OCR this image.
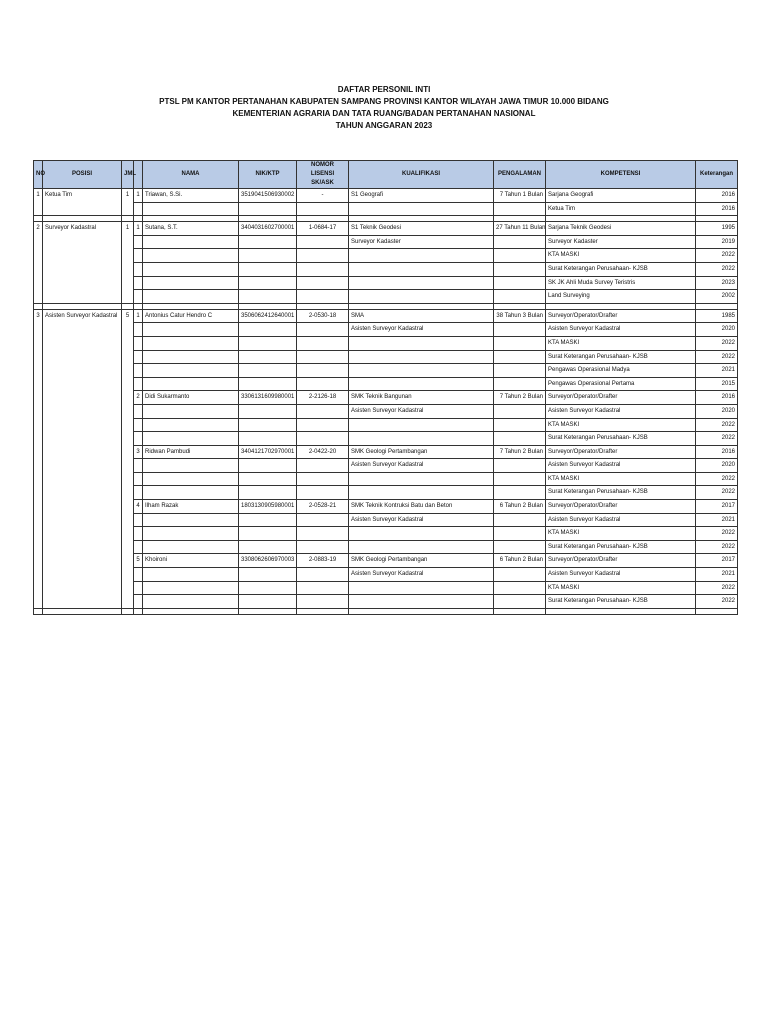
DAFTAR PERSONIL INTI
PTSL PM KANTOR PERTANAHAN KABUPATEN SAMPANG PROVINSI KANTOR WILAYAH JAWA TIMUR 10.000 BIDANG
KEMENTERIAN AGRARIA DAN TATA RUANG/BADAN PERTANAHAN NASIONAL
TAHUN ANGGARAN 2023
NO	POSISI	JML		NAMA	NIK/KTP	NOMOR LISENSI SK/ASK	KUALIFIKASI	PENGALAMAN	KOMPETENSI	Keterangan
1	Ketua Tim	1	1	Triawan, S.Si.	3519041506930002	-	S1 Geografi	7 Tahun 1 Bulan	Sarjana Geografi	2016
									Ketua Tim	2016

2	Surveyor Kadastral	1	1	Sutana, S.T.	3404031602700001	1-0684-17	S1 Teknik Geodesi	27 Tahun 11 Bulan	Sarjana Teknik Geodesi	1995
							Surveyor Kadaster		Surveyor Kadaster	2019
									KTA MASKI	2022
									Surat Keterangan Perusahaan- KJSB	2022
									SK JK Ahli Muda Survey Teristris	2023
									Land Surveying	2002

3	Asisten Surveyor Kadastral	5	1	Antonius Catur Hendro C	3506062412640001	2-0530-18	SMA	38 Tahun 3 Bulan	Surveyor/Operator/Drafter	1985
							Asisten Surveyor Kadastral		Asisten Surveyor Kadastral	2020
									KTA MASKI	2022
									Surat Keterangan Perusahaan- KJSB	2022
									Pengawas Operasional Madya	2021
									Pengawas Operasional Pertama	2015
			2	Didi Sukarmanto	3306131609980001	2-2126-18	SMK Teknik Bangunan	7 Tahun 2 Bulan	Surveyor/Operator/Drafter	2016
							Asisten Surveyor Kadastral		Asisten Surveyor Kadastral	2020
									KTA MASKI	2022
									Surat Keterangan Perusahaan- KJSB	2022
			3	Ridwan Pambudi	3404121702970001	2-0422-20	SMK Geologi Pertambangan	7 Tahun 2 Bulan	Surveyor/Operator/Drafter	2016
							Asisten Surveyor Kadastral		Asisten Surveyor Kadastral	2020
									KTA MASKI	2022
									Surat Keterangan Perusahaan- KJSB	2022
			4	Ilham Razak	1803130905980001	2-0528-21	SMK Teknik Kontruksi Batu dan Beton	6 Tahun 2 Bulan	Surveyor/Operator/Drafter	2017
							Asisten Surveyor Kadastral		Asisten Surveyor Kadastral	2021
									KTA MASKI	2022
									Surat Keterangan Perusahaan- KJSB	2022
			5	Khoironi	3308062606970003	2-0883-19	SMK Geologi Pertambangan	6 Tahun 2 Bulan	Surveyor/Operator/Drafter	2017
							Asisten Surveyor Kadastral		Asisten Surveyor Kadastral	2021
									KTA MASKI	2022
									Surat Keterangan Perusahaan- KJSB	2022
